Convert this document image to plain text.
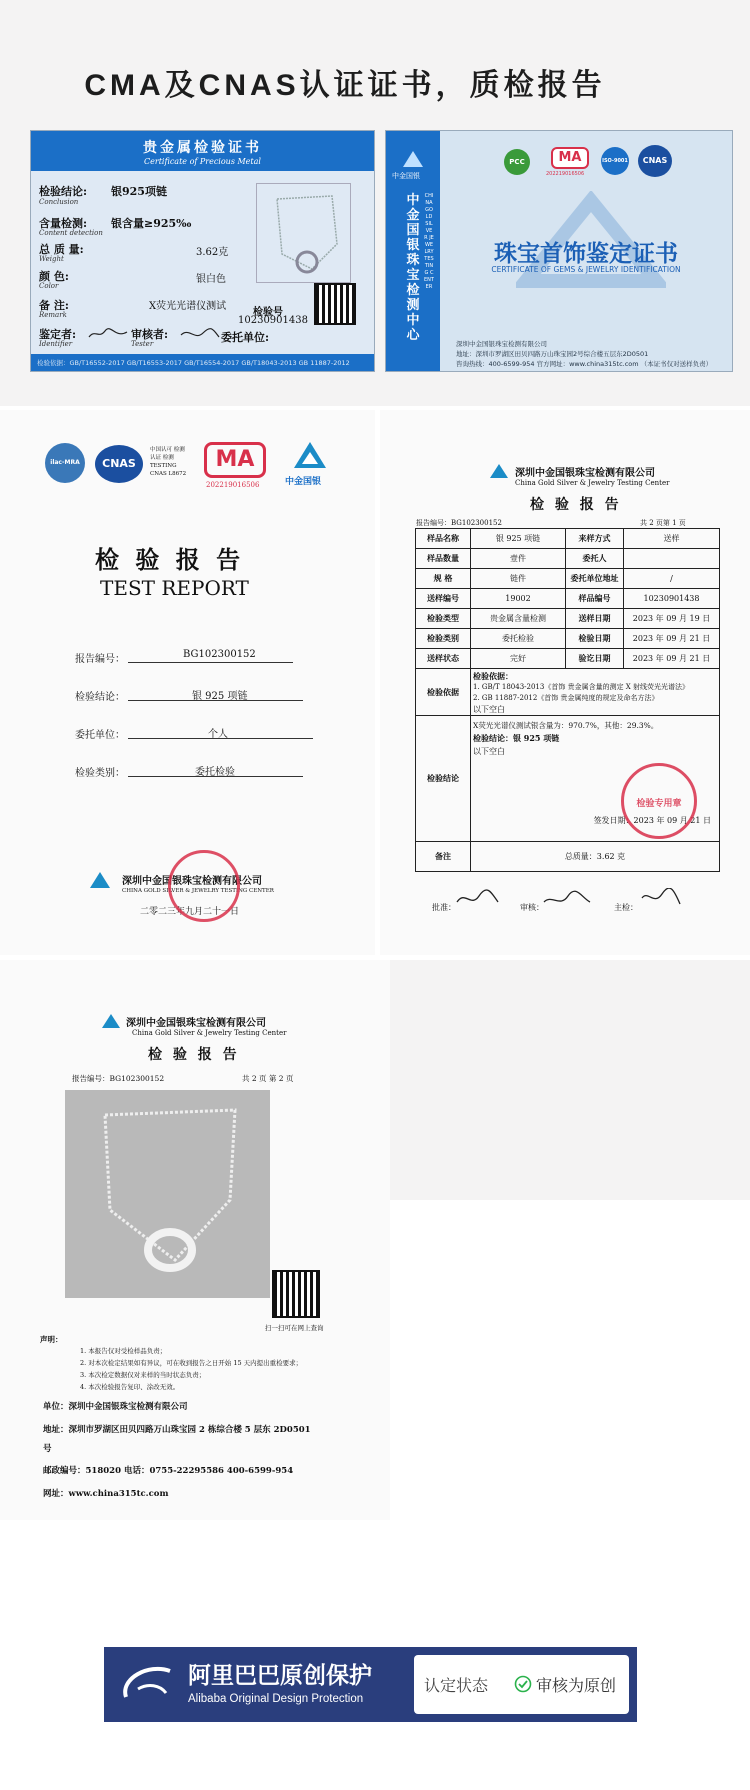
CMA及CNAS认证证书，质检报告
贵金属检验证书
Certificate of Precious Metal
检验结论: 银925项链
Conclusion
含量检测: 银含量≥925‰
Content detection
总 质 量:	3.62克
Weight
颜 色:	银白色
Color
备 注:	X荧光光谱仪测试
Remark	检验号
10230901438
鉴定者:
Identifier
审核者:
Tester	委托单位:
检验依据：GB/T16552-2017 GB/T16553-2017 GB/T16554-2017 GB/T18043-2013 GB 11887-2012
中金国银
中金国银珠宝检测中心
CHINA GOLD SILVER JEWELRY TESTING CENTER
PCC	MA
202219016506
ISO-9001	CNAS
珠宝首饰鉴定证书
CERTIFICATE OF GEMS & JEWELRY IDENTIFICATION
深圳中金国银珠宝检测有限公司
地址：深圳市罗湖区田贝四路万山珠宝园2号综合楼五层东2D0501
咨询热线：400-6599-954 官方网址：www.china315tc.com （本证书仅对送样负责）
ilac-MRA	CNAS
中国认可 检测认证 检测 TESTING CNAS L8672
MA
202219016506	中金国银
检 验 报 告
TEST REPORT
报告编号：	BG102300152
检验结论：	银 925 项链
委托单位：	个人
检验类别：	委托检验
深圳中金国银珠宝检测有限公司
CHINA GOLD SILVER & JEWELRY TESTING CENTER
二零二三年九月二十一日
深圳中金国银珠宝检测有限公司
China Gold Silver & Jewelry Testing Center
检 验 报 告
报告编号：BG102300152	共 2 页第 1 页
样品名称	银 925 项链	来样方式	送样
样品数量	壹件	委托人	
规 格	链件	委托单位地址	/
送样编号	19002	样品编号	10230901438
检验类型	贵金属含量检测	送样日期	2023 年 09 月 19 日
检验类别	委托检验	检验日期	2023 年 09 月 21 日
送样状态	完好	验讫日期	2023 年 09 月 21 日
检验依据	检验依据：
1. GB/T 18043-2013《首饰 贵金属含量的测定 X 射线荧光光谱法》
2. GB 11887-2012《首饰 贵金属纯度的规定及命名方法》
以下空白		

检验结论	X荧光光谱仪测试银含量为：970.7%，其他：29.3%。
检验结论：银 925 项链
以下空白
签发日期：2023 年 09 月 21 日
检验专用章		

备注	总质量：3.62 克		
批准：	审核：	主检：
深圳中金国银珠宝检测有限公司
China Gold Silver & Jewelry Testing Center
检 验 报 告
报告编号：BG102300152	共 2 页 第 2 页
扫一扫可在网上查询
声明：
1. 本报告仅对受检样品负责；
2. 对本次检定结果如有异议，可在收到报告之日开始 15 天内提出重检要求；
3. 本次检定数据仅对来样的当时状态负责；
4. 本次检验报告复印、涂改无效。
单位：深圳中金国银珠宝检测有限公司
地址：深圳市罗湖区田贝四路万山珠宝园 2 栋综合楼 5 层东 2D0501
号
邮政编号：518020 电话：0755-22295586 400-6599-954
网址：www.china315tc.com
阿里巴巴原创保护
Alibaba Original Design Protection
认定状态	审核为原创
